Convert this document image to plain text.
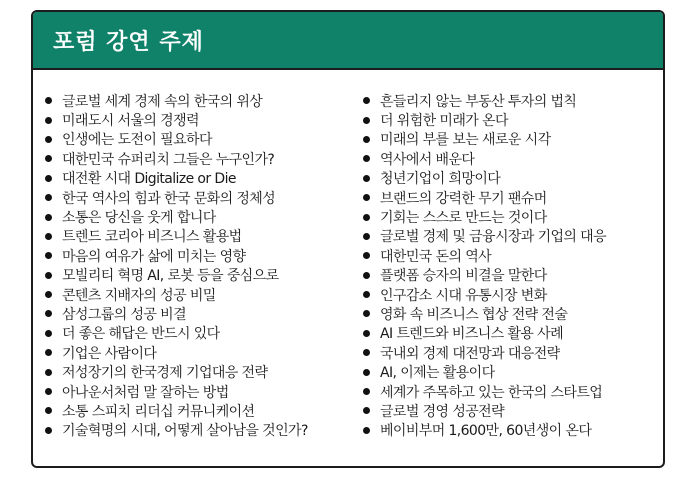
포럼 강연 주제
글로벌 세계 경제 속의 한국의 위상
미래도시 서울의 경쟁력
인생에는 도전이 필요하다
대한민국 슈퍼리치 그들은 누구인가?
대전환 시대 Digitalize or Die
한국 역사의 힘과 한국 문화의 정체성
소통은 당신을 웃게 합니다
트렌드 코리아 비즈니스 활용법
마음의 여유가 삶에 미치는 영향
모빌리티 혁명 AI, 로봇 등을 중심으로
콘텐츠 지배자의 성공 비밀
삼성그룹의 성공 비결
더 좋은 해답은 반드시 있다
기업은 사람이다
저성장기의 한국경제 기업대응 전략
아나운서처럼 말 잘하는 방법
소통 스피치 리더십 커뮤니케이션
기술혁명의 시대, 어떻게 살아남을 것인가?
흔들리지 않는 부동산 투자의 법칙
더 위험한 미래가 온다
미래의 부를 보는 새로운 시각
역사에서 배운다
청년기업이 희망이다
브랜드의 강력한 무기 팬슈머
기회는 스스로 만드는 것이다
글로벌 경제 및 금융시장과 기업의 대응
대한민국 돈의 역사
플랫폼 승자의 비결을 말한다
인구감소 시대 유통시장 변화
영화 속 비즈니스 협상 전략 전술
AI 트렌드와 비즈니스 활용 사례
국내외 경제 대전망과 대응전략
AI, 이제는 활용이다
세계가 주목하고 있는 한국의 스타트업
글로벌 경영 성공전략
베이비부머 1,600만, 60년생이 온다
